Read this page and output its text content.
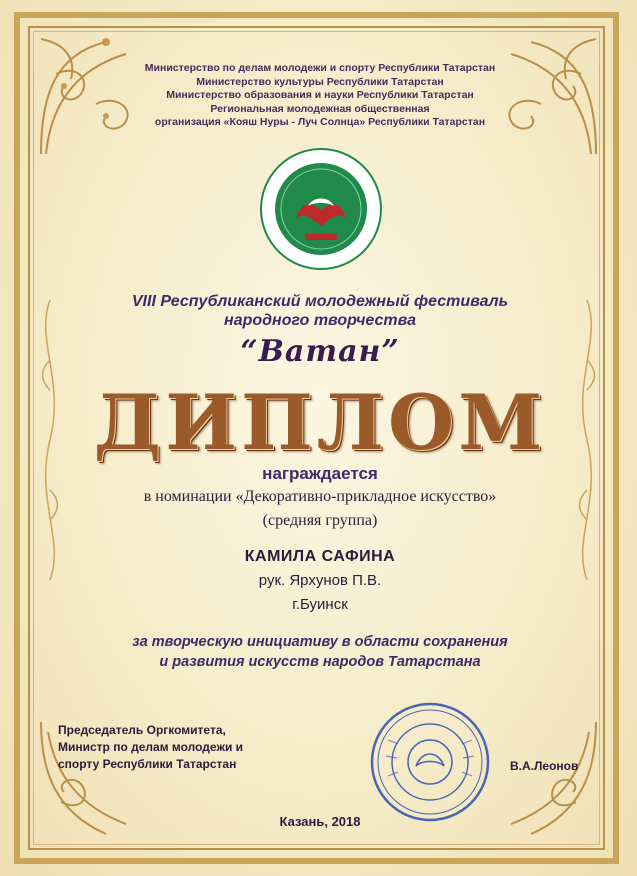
Министерство по делам молодежи и спорту Республики Татарстан
Министерство культуры Республики Татарстан
Министерство образования и науки Республики Татарстан
Региональная молодежная общественная
организация «Кояш Нуры - Луч Солнца» Республики Татарстан
VIII Республиканский молодежный фестиваль
народного творчества
“Ватан”
ДИПЛОМ
награждается
в номинации «Декоративно-прикладное искусство»
(средняя группа)
КАМИЛА САФИНА
рук. Ярхунов П.В.
г.Буинск
за творческую инициативу в области сохранения
и развития искусств народов Татарстана
Председатель Оргкомитета,
Министр по делам молодежи и
спорту Республики Татарстан	В.А.Леонов
Казань, 2018
